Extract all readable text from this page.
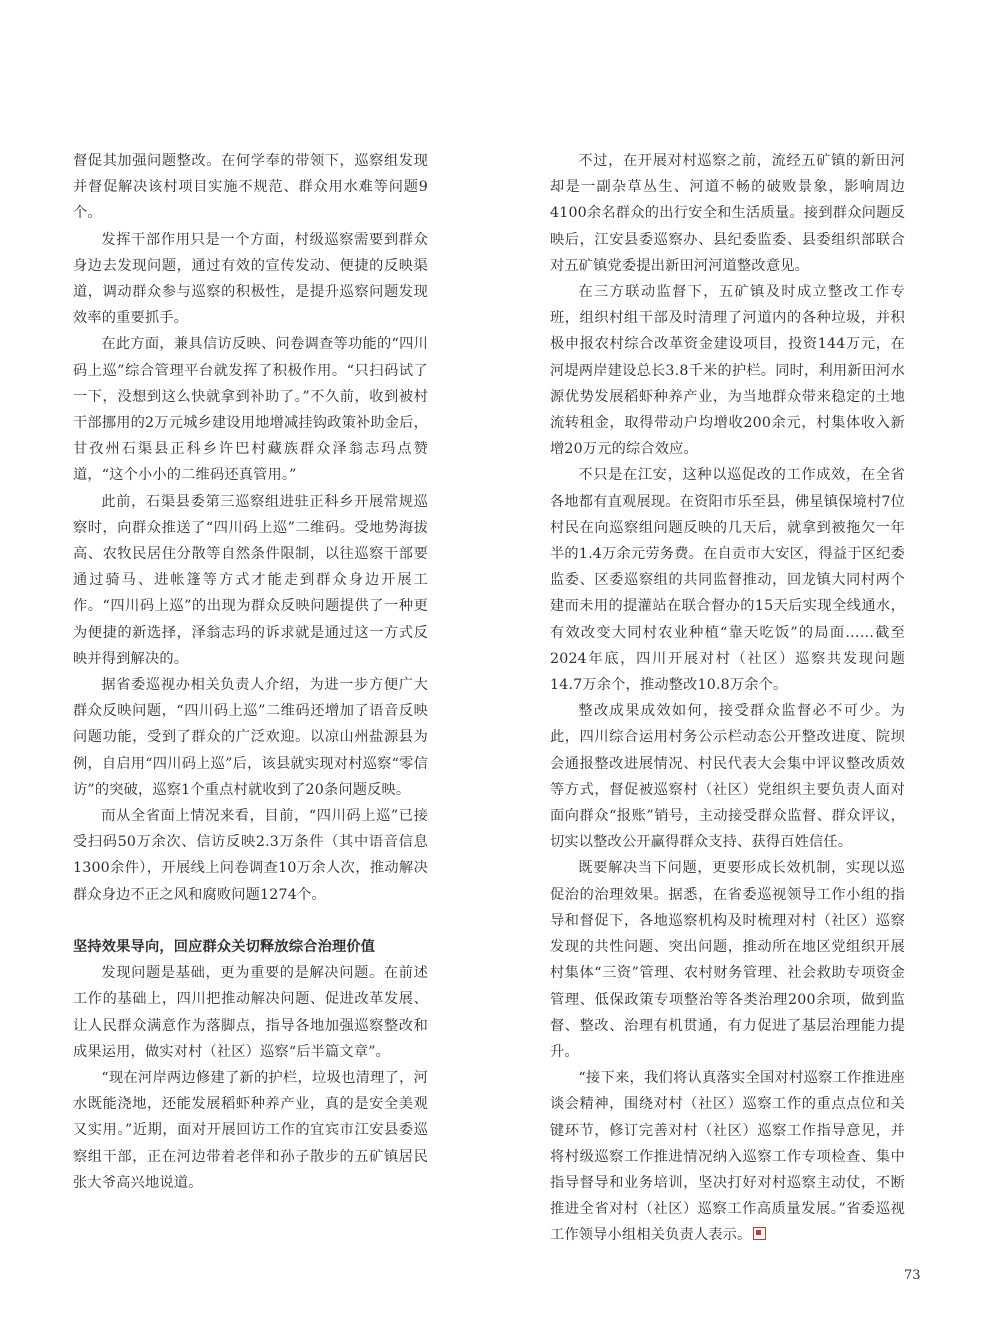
督促其加强问题整改。在何学奉的带领下，巡察组发现并督促解决该村项目实施不规范、群众用水难等问题9个。

发挥干部作用只是一个方面，村级巡察需要到群众身边去发现问题，通过有效的宣传发动、便捷的反映渠道，调动群众参与巡察的积极性，是提升巡察问题发现效率的重要抓手。

在此方面，兼具信访反映、问卷调查等功能的“四川码上巡”综合管理平台就发挥了积极作用。“只扫码试了一下，没想到这么快就拿到补助了。”不久前，收到被村干部挪用的2万元城乡建设用地增减挂钩政策补助金后，甘孜州石渠县正科乡许巴村藏族群众泽翁志玛点赞道，“这个小小的二维码还真管用。”

此前，石渠县委第三巡察组进驻正科乡开展常规巡察时，向群众推送了“四川码上巡”二维码。受地势海拔高、农牧民居住分散等自然条件限制，以往巡察干部要通过骑马、进帐篷等方式才能走到群众身边开展工作。“四川码上巡”的出现为群众反映问题提供了一种更为便捷的新选择，泽翁志玛的诉求就是通过这一方式反映并得到解决的。

据省委巡视办相关负责人介绍，为进一步方便广大群众反映问题，“四川码上巡”二维码还增加了语音反映问题功能，受到了群众的广泛欢迎。以凉山州盐源县为例，自启用“四川码上巡”后，该县就实现对村巡察“零信访”的突破，巡察1个重点村就收到了20条问题反映。

而从全省面上情况来看，目前，“四川码上巡”已接受扫码50万余次、信访反映2.3万条件（其中语音信息1300余件），开展线上问卷调查10万余人次，推动解决群众身边不正之风和腐败问题1274个。

坚持效果导向，回应群众关切释放综合治理价值

发现问题是基础，更为重要的是解决问题。在前述工作的基础上，四川把推动解决问题、促进改革发展、让人民群众满意作为落脚点，指导各地加强巡察整改和成果运用，做实对村（社区）巡察“后半篇文章”。

“现在河岸两边修建了新的护栏，垃圾也清理了，河水既能浇地，还能发展稻虾种养产业，真的是安全美观又实用。”近期，面对开展回访工作的宜宾市江安县委巡察组干部，正在河边带着老伴和孙子散步的五矿镇居民张大爷高兴地说道。

不过，在开展对村巡察之前，流经五矿镇的新田河却是一副杂草丛生、河道不畅的破败景象，影响周边4100余名群众的出行安全和生活质量。接到群众问题反映后，江安县委巡察办、县纪委监委、县委组织部联合对五矿镇党委提出新田河河道整改意见。

在三方联动监督下，五矿镇及时成立整改工作专班，组织村组干部及时清理了河道内的各种垃圾，并积极申报农村综合改革资金建设项目，投资144万元，在河堤两岸建设总长3.8千米的护栏。同时，利用新田河水源优势发展稻虾种养产业，为当地群众带来稳定的土地流转租金，取得带动户均增收200余元，村集体收入新增20万元的综合效应。

不只是在江安，这种以巡促改的工作成效，在全省各地都有直观展现。在资阳市乐至县，佛星镇保境村7位村民在向巡察组问题反映的几天后，就拿到被拖欠一年半的1.4万余元劳务费。在自贡市大安区，得益于区纪委监委、区委巡察组的共同监督推动，回龙镇大同村两个建而未用的提灌站在联合督办的15天后实现全线通水，有效改变大同村农业种植“靠天吃饭”的局面……截至2024年底，四川开展对村（社区）巡察共发现问题14.7万余个，推动整改10.8万余个。

整改成果成效如何，接受群众监督必不可少。为此，四川综合运用村务公示栏动态公开整改进度、院坝会通报整改进展情况、村民代表大会集中评议整改质效等方式，督促被巡察村（社区）党组织主要负责人面对面向群众“报账”销号，主动接受群众监督、群众评议，切实以整改公开赢得群众支持、获得百姓信任。

既要解决当下问题，更要形成长效机制，实现以巡促治的治理效果。据悉，在省委巡视领导工作小组的指导和督促下，各地巡察机构及时梳理对村（社区）巡察发现的共性问题、突出问题，推动所在地区党组织开展村集体“三资”管理、农村财务管理、社会救助专项资金管理、低保政策专项整治等各类治理200余项，做到监督、整改、治理有机贯通，有力促进了基层治理能力提升。

“接下来，我们将认真落实全国对村巡察工作推进座谈会精神，围绕对村（社区）巡察工作的重点点位和关键环节，修订完善对村（社区）巡察工作指导意见，并将村级巡察工作推进情况纳入巡察工作专项检查、集中指导督导和业务培训，坚决打好对村巡察主动仗，不断推进全省对村（社区）巡察工作高质量发展。”省委巡视工作领导小组相关负责人表示。

73
